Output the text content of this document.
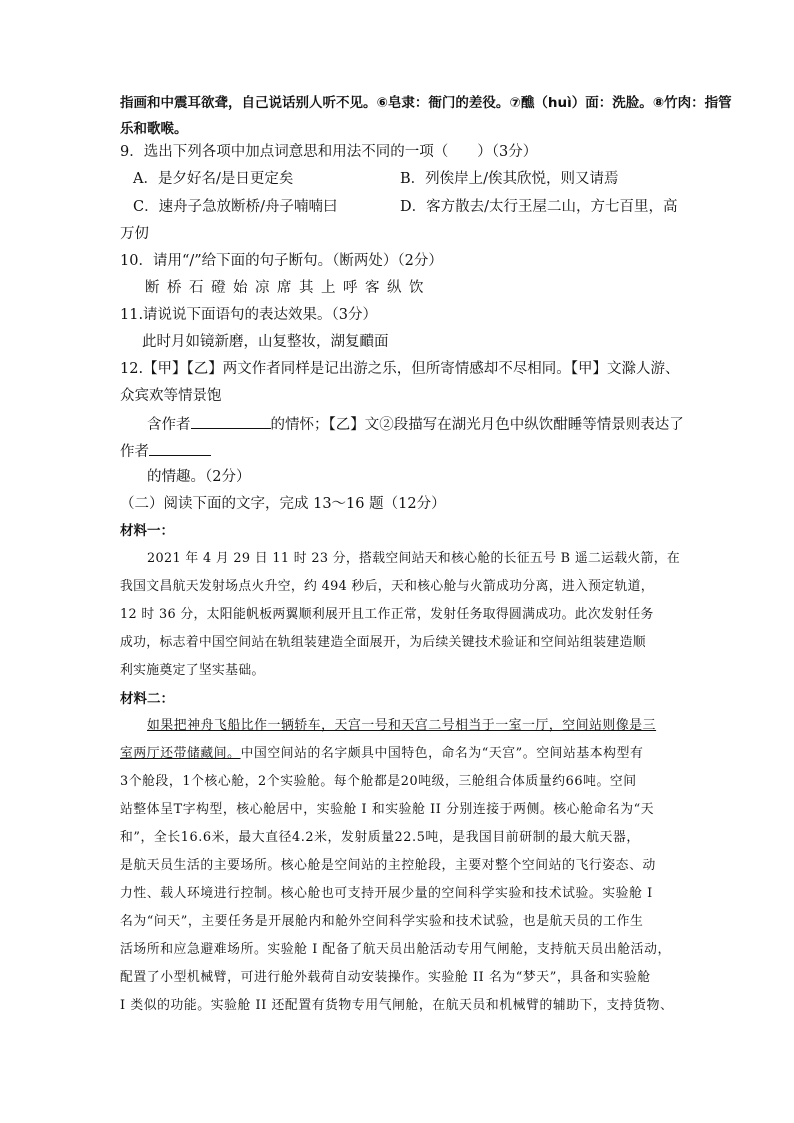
指画和中震耳欲聋，自己说话别人听不见。⑥皂隶：衙门的差役。⑦醮（huì）面：洗脸。⑧竹肉：指管
乐和歌喉。
9．选出下列各项中加点词意思和用法不同的一项（　　）（3分）
A．是夕好名/是日更定矣	B．列俟岸上/俟其欣悦，则又请焉
C．速舟子急放断桥/舟子喃喃曰	D．客方散去/太行王屋二山，方七百里，高
万仞
10．请用“/”给下面的句子断句。（断两处）（2分）
断桥石磴始凉席其上呼客纵饮
11.请说说下面语句的表达效果。（3分）
此时月如镜新磨，山复整妆，湖复靧面
12.【甲】【乙】两文作者同样是记出游之乐，但所寄情感却不尽相同。【甲】文滁人游、
众宾欢等情景饱
含作者	的情怀；【乙】文②段描写在湖光月色中纵饮酣睡等情景则表达了
作者
的情趣。（2分）
（二）阅读下面的文字，完成 13～16 题（12分）
材料一：
2021 年 4 月 29 日 11 时 23 分，搭载空间站天和核心舱的长征五号 B 遥二运载火箭，在
我国文昌航天发射场点火升空，约 494 秒后，天和核心舱与火箭成功分离，进入预定轨道，
12 时 36 分，太阳能帆板两翼顺利展开且工作正常，发射任务取得圆满成功。此次发射任务
成功，标志着中国空间站在轨组装建造全面展开，为后续关键技术验证和空间站组装建造顺
利实施奠定了坚实基础。
材料二：
如果把神舟飞船比作一辆轿车，天宫一号和天宫二号相当于一室一厅，空间站则像是三
室两厅还带储藏间。中国空间站的名字颇具中国特色，命名为“天宫”。空间站基本构型有
3个舱段，1个核心舱，2个实验舱。每个舱都是20吨级，三舱组合体质量约66吨。空间
站整体呈T字构型，核心舱居中，实验舱 I 和实验舱 II 分别连接于两侧。核心舱命名为“天
和”，全长16.6米，最大直径4.2米，发射质量22.5吨，是我国目前研制的最大航天器，
是航天员生活的主要场所。核心舱是空间站的主控舱段，主要对整个空间站的飞行姿态、动
力性、载人环境进行控制。核心舱也可支持开展少量的空间科学实验和技术试验。实验舱 I
名为“问天”，主要任务是开展舱内和舱外空间科学实验和技术试验，也是航天员的工作生
活场所和应急避难场所。实验舱 I 配备了航天员出舱活动专用气闸舱，支持航天员出舱活动，
配置了小型机械臂，可进行舱外载荷自动安装操作。实验舱 II 名为“梦天”，具备和实验舱
I 类似的功能。实验舱 II 还配置有货物专用气闸舱，在航天员和机械臂的辅助下，支持货物、
